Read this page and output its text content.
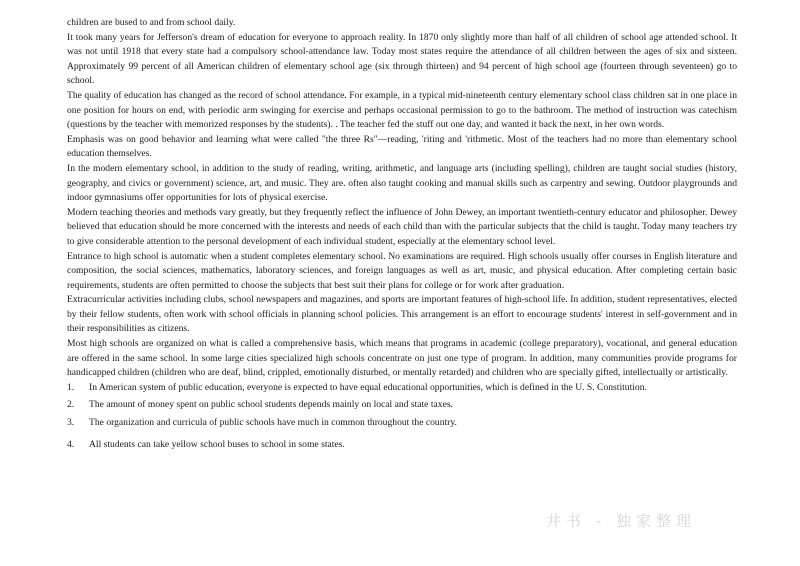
children are bused to and from school daily.

It took many years for Jefferson's dream of education for everyone to approach reality. In 1870 only slightly more than half of all children of school age attended school. It was not until 1918 that every state had a compulsory school-attendance law. Today most states require the attendance of all children between the ages of six and sixteen. Approximately 99 percent of all American children of elementary school age (six through thirteen) and 94 percent of high school age (fourteen through seventeen) go to school.

The quality of education has changed as the record of school attendance. For example, in a typical mid-nineteenth century elementary school class children sat in one place in one position for hours on end, with periodic arm swinging for exercise and perhaps occasional permission to go to the bathroom. The method of instruction was catechism (questions by the teacher with memorized responses by the students). . The teacher fed the stuff out one day, and wanted it back the next, in her own words.

Emphasis was on good behavior and learning what were called "the three Rs"—reading, 'riting and 'rithmetic. Most of the teachers had no more than elementary school education themselves.

In the modern elementary school, in addition to the study of reading, writing, arithmetic, and language arts (including spelling), children are taught social studies (history, geography, and civics or government) science, art, and music. They are. often also taught cooking and manual skills such as carpentry and sewing. Outdoor playgrounds and indoor gymnasiums offer opportunities for lots of physical exercise.

Modern teaching theories and methods vary greatly, but they frequently reflect the influence of John Dewey, an important twentieth-century educator and philosopher. Dewey believed that education should be more concerned with the interests and needs of each child than with the particular subjects that the child is taught. Today many teachers try to give considerable attention to the personal development of each individual student, especially at the elementary school level.

Entrance to high school is automatic when a student completes elementary school. No examinations are required. High schools usually offer courses in English literature and composition, the social sciences, mathematics, laboratory sciences, and foreign languages as well as art, music, and physical education. After completing certain basic requirements, students are often permitted to choose the subjects that best suit their plans for college or for work after graduation.

Extracurricular activities including clubs, school newspapers and magazines, and sports are important features of high-school life. In addition, student representatives, elected by their fellow students, often work with school officials in planning school policies. This arrangement is an effort to encourage students' interest in self-government and in their responsibilities as citizens.

Most high schools are organized on what is called a comprehensive basis, which means that programs in academic (college preparatory), vocational, and general education are offered in the same school. In some large cities specialized high schools concentrate on just one type of program. In addition, many communities provide programs for handicapped children (children who are deaf, blind, crippled, emotionally disturbed, or mentally retarded) and children who are specially gifted, intellectually or artistically.

1.	In American system of public education, everyone is expected to have equal educational opportunities, which is defined in the U. S. Constitution.
2.	The amount of money spent on public school students depends mainly on local and state taxes.
3.	The organization and curricula of public schools have much in common throughout the country.
4.	All students can take yellow school buses to school in some states.
井书 - 独家整理
